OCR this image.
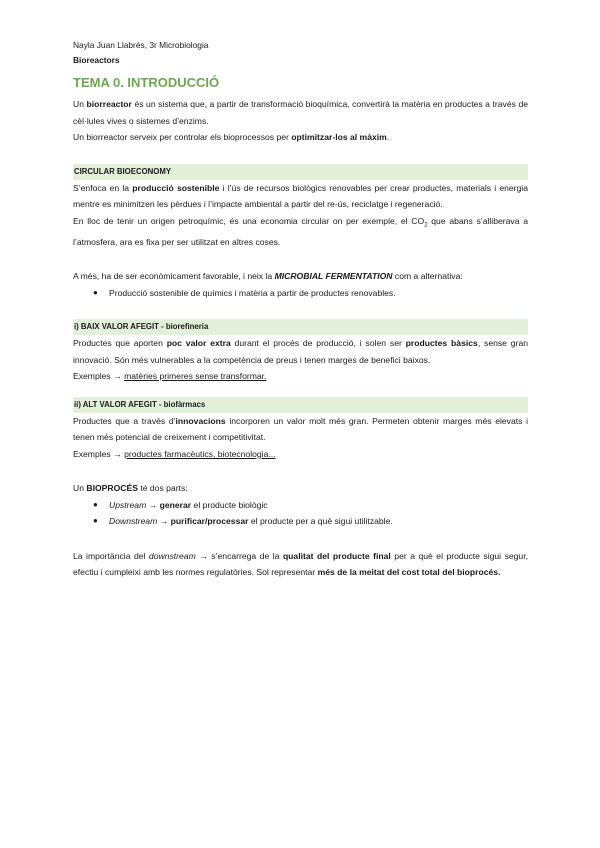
Nayla Juan Llabrés, 3r Microbiologia
Bioreactors
TEMA 0. INTRODUCCIÓ

Un biorreactor és un sistema que, a partir de transformació bioquímica, convertirà la matèria en productes a través de cèl·lules vives o sistemes d’enzims.

Un biorreactor serveix per controlar els bioprocessos per optimitzar-los al màxim.

CIRCULAR BIOECONOMY

S’enfoca en la producció sostenible i l’ús de recursos biològics renovables per crear productes, materials i energia mentre es minimitzen les pèrdues i l’impacte ambiental a partir del re-ús, reciclatge i regeneració.

En lloc de tenir un origen petroquímic, és una economia circular on per exemple, el $CO_2$ que abans s’alliberava a l’atmosfera, ara es fixa per ser utilitzat en altres coses.

A més, ha de ser econòmicament favorable, i neix la MICROBIAL FERMENTATION com a alternativa:

● Producció sostenible de químics i matèria a partir de productes renovables.
i) BAIX VALOR AFEGIT - biorefineria

Productes que aporten poc valor extra durant el procés de producció, i solen ser productes bàsics, sense gran innovació. Són més vulnerables a la competència de preus i tenen marges de benefici baixos.

Exemples → matèries primeres sense transformar.

ii) ALT VALOR AFEGIT - biofàrmacs

Productes que a través d’innovacions incorporen un valor molt més gran. Permeten obtenir marges més elevats i tenen més potencial de creixement i competitivitat.

Exemples → productes farmacèutics, biotecnologia...

Un BIOPROCÉS té dos parts:

● Upstream → generar el producte biològic
● Downstream → purificar/processar el producte per a què sigui utilitzable.

La importància del downstream → s’encarrega de la qualitat del producte final per a què el producte sigui segur, efectiu i cumpleixi amb les normes regulatòries. Sol representar més de la meitat del cost total del bioprocés.
